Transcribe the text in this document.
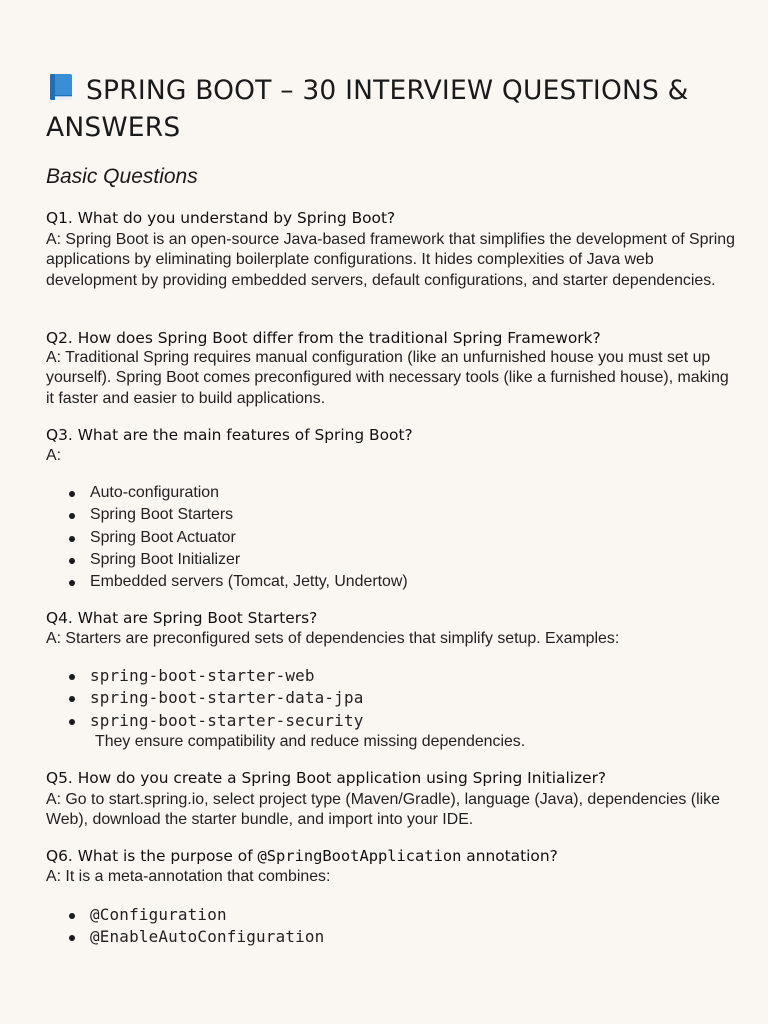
SPRING BOOT – 30 INTERVIEW QUESTIONS & ANSWERS
Basic Questions
Q1. What do you understand by Spring Boot?

A: Spring Boot is an open-source Java-based framework that simplifies the development of Spring applications by eliminating boilerplate configurations. It hides complexities of Java web development by providing embedded servers, default configurations, and starter dependencies.

Q2. How does Spring Boot differ from the traditional Spring Framework?

A: Traditional Spring requires manual configuration (like an unfurnished house you must set up yourself). Spring Boot comes preconfigured with necessary tools (like a furnished house), making it faster and easier to build applications.

Q3. What are the main features of Spring Boot?

A:

Auto-configuration
Spring Boot Starters
Spring Boot Actuator
Spring Boot Initializer
Embedded servers (Tomcat, Jetty, Undertow)
Q4. What are Spring Boot Starters?

A: Starters are preconfigured sets of dependencies that simplify setup. Examples:

spring-boot-starter-web
spring-boot-starter-data-jpa
spring-boot-starter-security

They ensure compatibility and reduce missing dependencies.

Q5. How do you create a Spring Boot application using Spring Initializer?

A: Go to start.spring.io, select project type (Maven/Gradle), language (Java), dependencies (like Web), download the starter bundle, and import into your IDE.

Q6. What is the purpose of @SpringBootApplication annotation?

A: It is a meta-annotation that combines:

@Configuration
@EnableAutoConfiguration
